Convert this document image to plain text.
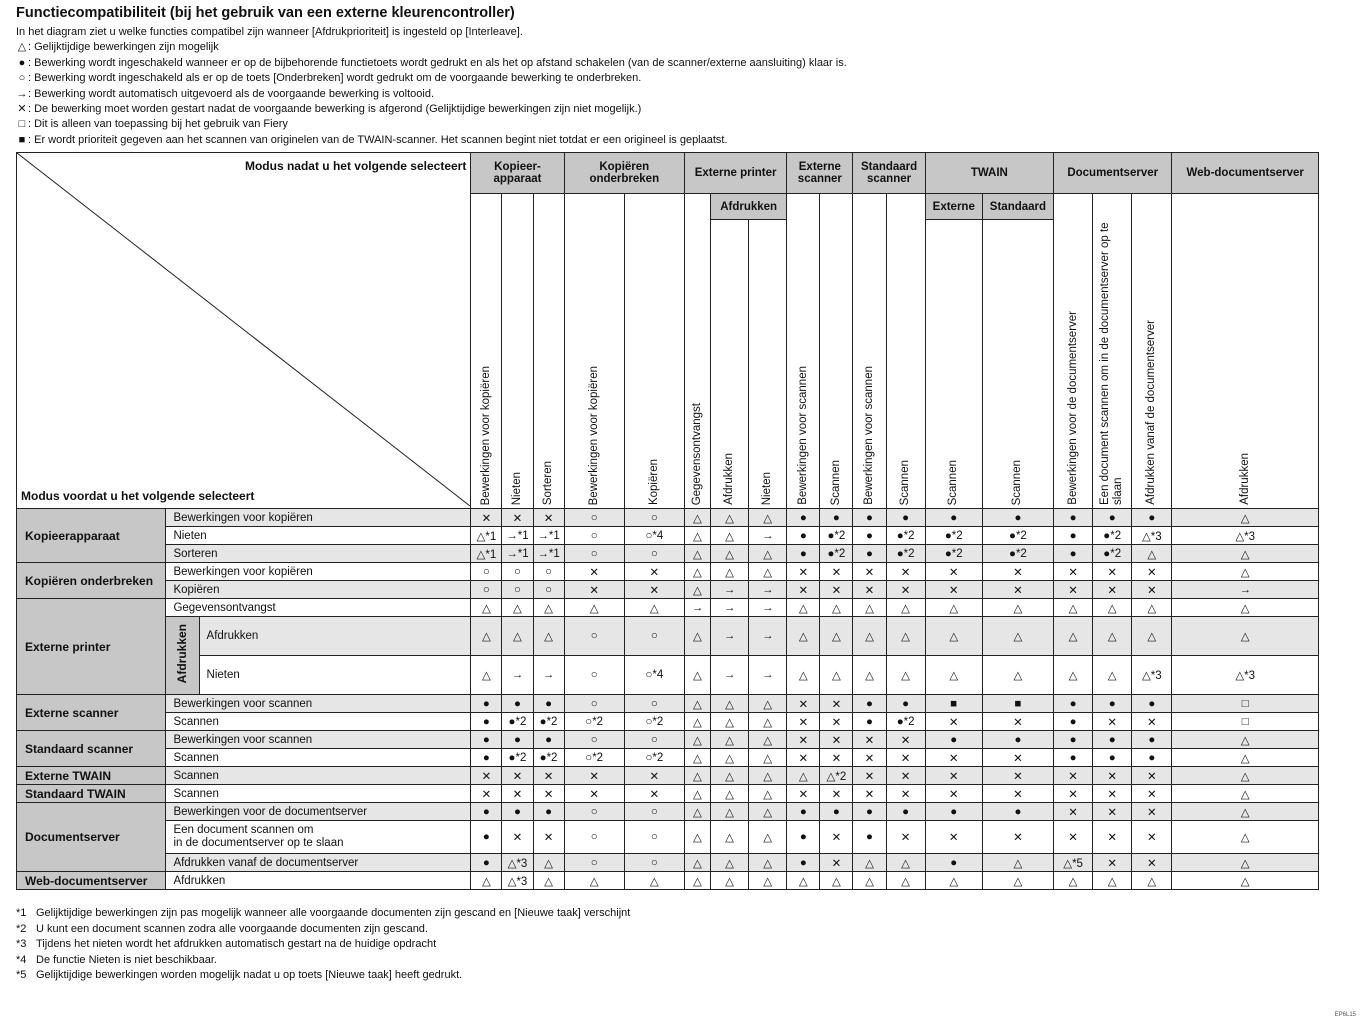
Functiecompatibiliteit (bij het gebruik van een externe kleurencontroller)
In het diagram ziet u welke functies compatibel zijn wanneer [Afdrukprioriteit] is ingesteld op [Interleave].
△ : Gelijktijdige bewerkingen zijn mogelijk
● : Bewerking wordt ingeschakeld wanneer er op de bijbehorende functietoets wordt gedrukt en als het op afstand schakelen (van de scanner/externe aansluiting) klaar is.
○ : Bewerking wordt ingeschakeld als er op de toets [Onderbreken] wordt gedrukt om de voorgaande bewerking te onderbreken.
→: Bewerking wordt automatisch uitgevoerd als de voorgaande bewerking is voltooid.
✕: De bewerking moet worden gestart nadat de voorgaande bewerking is afgerond (Gelijktijdige bewerkingen zijn niet mogelijk.)
□ : Dit is alleen van toepassing bij het gebruik van Fiery
■ : Er wordt prioriteit gegeven aan het scannen van originelen van de TWAIN-scanner. Het scannen begint niet totdat er een origineel is geplaatst.
Modus nadat u het volgende selecteert
Modus voordat u het volgende selecteert			Kopieer-apparaat			Kopiëren onderbreken		Externe printer			Externe scanner		Standaard scanner		TWAIN		Documentserver			Web-documentserver
			Bewerkingen voor kopiëren	Nieten	Sorteren	Bewerkingen voor kopiëren	Kopiëren	Gegevensontvangst	Afdrukken		Bewerkingen voor scannen	Scannen	Bewerkingen voor scannen	Scannen	Externe	Standaard	Bewerkingen voor de documentserver	Een document scannen om in de documentserver op te slaan	Afdrukken vanaf de documentserver	Afdrukken
									Afdrukken	Nieten					Scannen	Scannen				
Kopieerapparaat	Bewerkingen voor kopiëren		✕	✕	✕	○	○	△	△	△	●	●	●	●	●	●	●	●	●	△
	Nieten		△*1	→*1	→*1	○	○*4	△	△	→	●	●*2	●	●*2	●*2	●*2	●	●*2	△*3	△*3
	Sorteren		△*1	→*1	→*1	○	○	△	△	△	●	●*2	●	●*2	●*2	●*2	●	●*2	△	△
Kopiëren onderbreken	Bewerkingen voor kopiëren		○	○	○	✕	✕	△	△	△	✕	✕	✕	✕	✕	✕	✕	✕	✕	△
	Kopiëren		○	○	○	✕	✕	△	→	→	✕	✕	✕	✕	✕	✕	✕	✕	✕	→
Externe printer	Gegevensontvangst		△	△	△	△	△	→	→	→	△	△	△	△	△	△	△	△	△	△
	Afdrukken	Afdrukken	△	△	△	○	○	△	→	→	△	△	△	△	△	△	△	△	△	△
		Nieten	△	→	→	○	○*4	△	→	→	△	△	△	△	△	△	△	△	△*3	△*3
Externe scanner	Bewerkingen voor scannen		●	●	●	○	○	△	△	△	✕	✕	●	●	■	■	●	●	●	□
	Scannen		●	●*2	●*2	○*2	○*2	△	△	△	✕	✕	●	●*2	✕	✕	●	✕	✕	□
Standaard scanner	Bewerkingen voor scannen		●	●	●	○	○	△	△	△	✕	✕	✕	✕	●	●	●	●	●	△
	Scannen		●	●*2	●*2	○*2	○*2	△	△	△	✕	✕	✕	✕	✕	✕	●	●	●	△
Externe TWAIN	Scannen		✕	✕	✕	✕	✕	△	△	△	△	△*2	✕	✕	✕	✕	✕	✕	✕	△
Standaard TWAIN	Scannen		✕	✕	✕	✕	✕	△	△	△	✕	✕	✕	✕	✕	✕	✕	✕	✕	△
Documentserver	Bewerkingen voor de documentserver		●	●	●	○	○	△	△	△	●	●	●	●	●	●	✕	✕	✕	△
	Een document scannen om
in de documentserver op te slaan		●	✕	✕	○	○	△	△	△	●	✕	●	✕	✕	✕	✕	✕	✕	△
	Afdrukken vanaf de documentserver		●	△*3	△	○	○	△	△	△	●	✕	△	△	●	△	△*5	✕	✕	△
Web-documentserver	Afdrukken		△	△*3	△	△	△	△	△	△	△	△	△	△	△	△	△	△	△	△
*1 Gelijktijdige bewerkingen zijn pas mogelijk wanneer alle voorgaande documenten zijn gescand en [Nieuwe taak] verschijnt
*2 U kunt een document scannen zodra alle voorgaande documenten zijn gescand.
*3 Tijdens het nieten wordt het afdrukken automatisch gestart na de huidige opdracht
*4 De functie Nieten is niet beschikbaar.
*5 Gelijktijdige bewerkingen worden mogelijk nadat u op toets [Nieuwe taak] heeft gedrukt.
EP6L15
